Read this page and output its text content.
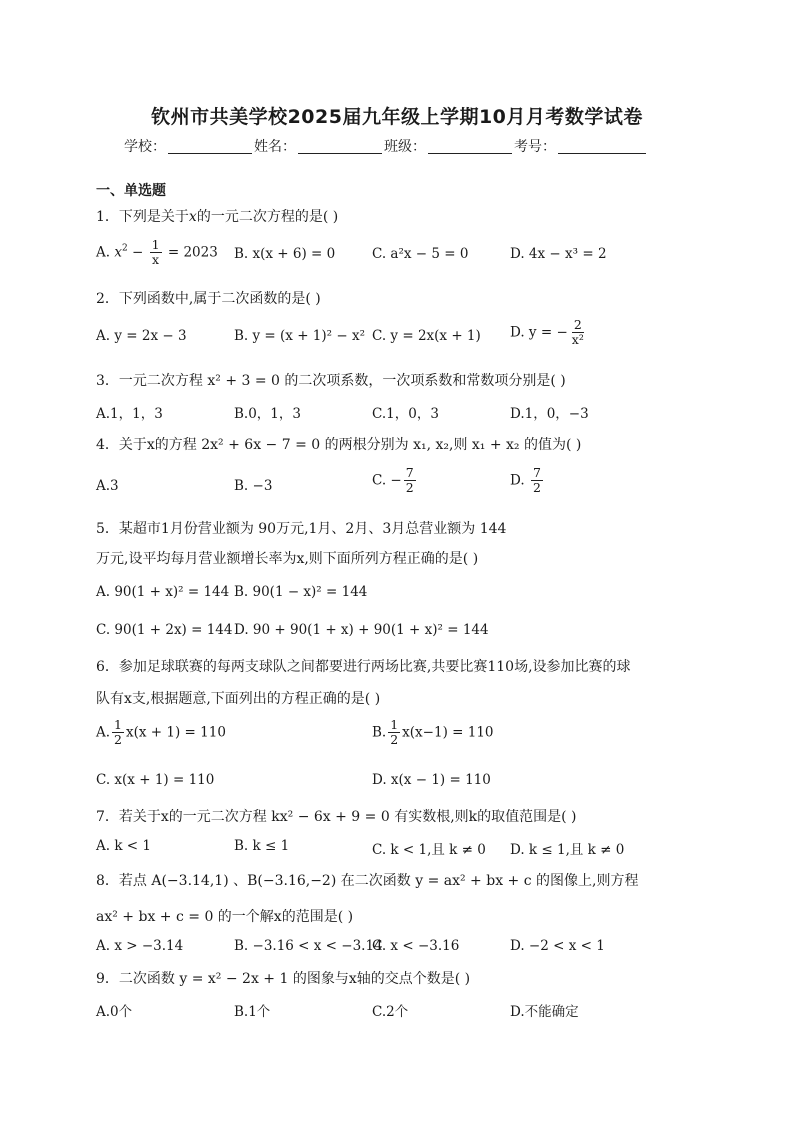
钦州市共美学校2025届九年级上学期10月月考数学试卷
学校：	姓名：	班级：	考号：
一、单选题
1．下列是关于x的一元二次方程的是( )
A. $x^2 - \frac{1}{x} = 2023$ B. x(x + 6) = 0	C. a²x − 5 = 0	D. 4x − x³ = 2
2．下列函数中,属于二次函数的是( )
A. y = 2x − 3	B. y = (x + 1)² − x² C. y = 2x(x + 1) D. y = − $\frac{2}{\text{x²}}$
3．一元二次方程 x² + 3 = 0 的二次项系数，一次项系数和常数项分别是( )
A.1，1，3	B.0，1，3	C.1，0，3	D.1，0，−3
4．关于x的方程 2x² + 6x − 7 = 0 的两根分别为 x₁, x₂,则 x₁ + x₂ 的值为( )
A.3	B. −3	C. − $\frac{7}{2}$	D. $\frac{7}{2}$
5．某超市1月份营业额为 90万元,1月、2月、3月总营业额为 144
万元,设平均每月营业额增长率为x,则下面所列方程正确的是( )
A. 90(1 + x)² = 144 B. 90(1 − x)² = 144
C. 90(1 + 2x) = 144 D. 90 + 90(1 + x) + 90(1 + x)² = 144
6．参加足球联赛的每两支球队之间都要进行两场比赛,共要比赛110场,设参加比赛的球
队有x支,根据题意,下面列出的方程正确的是( )
A. $\frac{1}{2} x(x + 1) = 110$	B. $\frac{1}{2} x(x-1) = 110$
C. x(x + 1) = 110	D. x(x − 1) = 110
7．若关于x的一元二次方程 kx² − 6x + 9 = 0 有实数根,则k的取值范围是( )
A. k < 1	B. k ≤ 1	C. k < 1,且 k ≠ 0 D. k ≤ 1,且 k ≠ 0
8．若点 A(−3.14,1) 、B(−3.16,−2) 在二次函数 y = ax² + bx + c 的图像上,则方程
ax² + bx + c = 0 的一个解x的范围是( )
A. x > −3.14	B. −3.16 < x < −3.14
C. x < −3.16	D. −2 < x < 1
9．二次函数 y = x² − 2x + 1 的图象与x轴的交点个数是( )
A.0个	B.1个	C.2个	D.不能确定
